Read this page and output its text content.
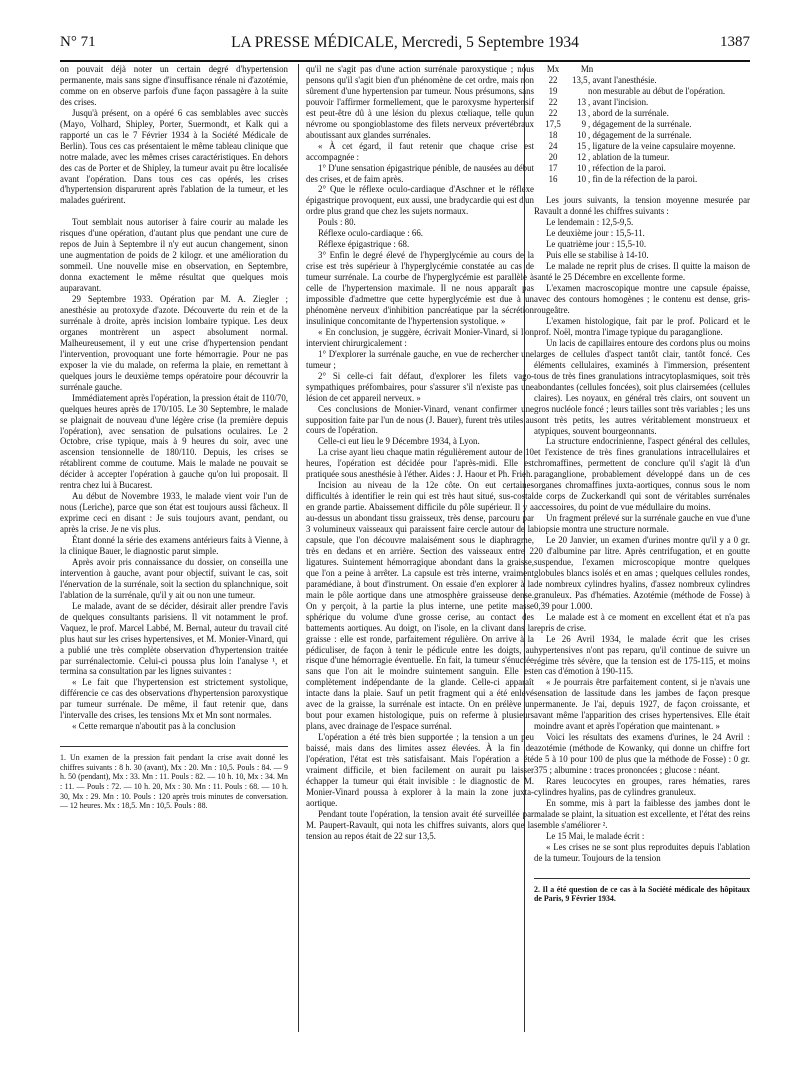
N° 71	LA PRESSE MÉDICALE, Mercredi, 5 Septembre 1934	1387

on pouvait déjà noter un certain degré d'hypertension permanente, mais sans signe d'insuffisance rénale ni d'azotémie, comme on en observe parfois d'une façon passagère à la suite des crises.

Jusqu'à présent, on a opéré 6 cas semblables avec succès (Mayo, Volhard, Shipley, Porter, Suermondt, et Kalk qui a rapporté un cas le 7 Février 1934 à la Société Médicale de Berlin). Tous ces cas présentaient le même tableau clinique que notre malade, avec les mêmes crises caractéristiques. En dehors des cas de Porter et de Shipley, la tumeur avait pu être localisée avant l'opération. Dans tous ces cas opérés, les crises d'hypertension disparurent après l'ablation de la tumeur, et les malades guérirent.

Tout semblait nous autoriser à faire courir au malade les risques d'une opération, d'autant plus que pendant une cure de repos de Juin à Septembre il n'y eut aucun changement, sinon une augmentation de poids de 2 kilogr. et une amélioration du sommeil. Une nouvelle mise en observation, en Septembre, donna exactement le même résultat que quelques mois auparavant.

29 Septembre 1933. Opération par M. A. Ziegler ; anesthésie au protoxyde d'azote. Découverte du rein et de la surrénale à droite, après incision lombaire typique. Les deux organes montrèrent un aspect absolument normal. Malheureusement, il y eut une crise d'hypertension pendant l'intervention, provoquant une forte hémorragie. Pour ne pas exposer la vie du malade, on referma la plaie, en remettant à quelques jours le deuxième temps opératoire pour découvrir la surrénale gauche.

Immédiatement après l'opération, la pression était de 110/70, quelques heures après de 170/105. Le 30 Septembre, le malade se plaignait de nouveau d'une légère crise (la première depuis l'opération), avec sensation de pulsations oculaires. Le 2 Octobre, crise typique, mais à 9 heures du soir, avec une ascension tensionnelle de 180/110. Depuis, les crises se rétablirent comme de coutume. Mais le malade ne pouvait se décider à accepter l'opération à gauche qu'on lui proposait. Il rentra chez lui à Bucarest.

Au début de Novembre 1933, le malade vient voir l'un de nous (Leriche), parce que son état est toujours aussi fâcheux. Il exprime ceci en disant : Je suis toujours avant, pendant, ou après la crise. Je ne vis plus.

Étant donné la série des examens antérieurs faits à Vienne, à la clinique Bauer, le diagnostic parut simple.

Après avoir pris connaissance du dossier, on conseilla une intervention à gauche, avant pour objectif, suivant le cas, soit l'énervation de la surrénale, soit la section du splanchnique, soit l'ablation de la surrénale, qu'il y ait ou non une tumeur.

Le malade, avant de se décider, désirait aller prendre l'avis de quelques consultants parisiens. Il vit notamment le prof. Vaquez, le prof. Marcel Labbé, M. Bernal, auteur du travail cité plus haut sur les crises hypertensives, et M. Monier-Vinard, qui a publié une très complète observation d'hypertension traitée par surrénalectomie. Celui-ci poussa plus loin l'analyse ¹, et termina sa consultation par les lignes suivantes :

« Le fait que l'hypertension est strictement systolique, différencie ce cas des observations d'hypertension paroxystique par tumeur surrénale. De même, il faut retenir que, dans l'intervalle des crises, les tensions Mx et Mn sont normales.

« Cette remarque n'aboutit pas à la conclusion

1. Un examen de la pression fait pendant la crise avait donné les chiffres suivants : 8 h. 30 (avant), Mx : 20. Mn : 10,5. Pouls : 84. — 9 h. 50 (pendant), Mx : 33. Mn : 11. Pouls : 82. — 10 h. 10, Mx : 34. Mn : 11. — Pouls : 72. — 10 h. 20, Mx : 30. Mn : 11. Pouls : 68. — 10 h. 30, Mx : 29. Mn : 10. Pouls : 120 après trois minutes de conversation. — 12 heures. Mx : 18,5. Mn : 10,5. Pouls : 88.

qu'il ne s'agit pas d'une action surrénale paroxystique ; nous pensons qu'il s'agit bien d'un phénomène de cet ordre, mais non sûrement d'une hypertension par tumeur. Nous présumons, sans pouvoir l'affirmer formellement, que le paroxysme hypertensif est peut-être dû à une lésion du plexus cœliaque, telle qu'un névrome ou spongioblastome des filets nerveux prévertébraux aboutissant aux glandes surrénales.

« À cet égard, il faut retenir que chaque crise est accompagnée :

1° D'une sensation épigastrique pénible, de nausées au début des crises, et de faim après.

2° Que le réflexe oculo-cardiaque d'Aschner et le réflexe épigastrique provoquent, eux aussi, une bradycardie qui est d'un ordre plus grand que chez les sujets normaux.

Pouls : 80.

Réflexe oculo-cardiaque : 66.

Réflexe épigastrique : 68.

3° Enfin le degré élevé de l'hyperglycémie au cours de la crise est très supérieur à l'hyperglycémie constatée au cas de tumeur surrénale. La courbe de l'hyperglycémie est parallèle à celle de l'hypertension maximale. Il ne nous apparaît pas impossible d'admettre que cette hyperglycémie est due à un phénomène nerveux d'inhibition pancréatique par la sécrétion insulinique concomitante de l'hypertension systolique. »

« En conclusion, je suggère, écrivait Monier-Vinard, si l'on intervient chirurgicalement :

1° D'explorer la surrénale gauche, en vue de rechercher une tumeur ;

2° Si celle-ci fait défaut, d'explorer les filets vago-sympathiques préfombaires, pour s'assurer s'il n'existe pas une lésion de cet appareil nerveux. »

Ces conclusions de Monier-Vinard, venant confirmer une supposition faite par l'un de nous (J. Bauer), furent très utiles au cours de l'opération.

Celle-ci eut lieu le 9 Décembre 1934, à Lyon.

La crise ayant lieu chaque matin régulièrement autour de 10 heures, l'opération est décidée pour l'après-midi. Elle est pratiquée sous anesthésie à l'éther. Aides : J. Haour et Ph. Frieh.

Incision au niveau de la 12e côte. On eut certaines difficultés à identifier le rein qui est très haut situé, sus-costal en grande partie. Abaissement difficile du pôle supérieur. Il y a au-dessus un abondant tissu graisseux, très dense, parcouru par 3 volumineux vaisseaux qui paraissent faire cercle autour de la capsule, que l'on découvre malaisément sous le diaphragme, très en dedans et en arrière. Section des vaisseaux entre 2 ligatures. Suintement hémorragique abondant dans la graisse, que l'on a peine à arrêter. La capsule est très interne, vraiment paramédiane, à bout d'instrument. On essaie d'en explorer à la main le pôle aortique dans une atmosphère graisseuse dense. On y perçoit, à la partie la plus interne, une petite masse sphérique du volume d'une grosse cerise, au contact des battements aortiques. Au doigt, on l'isole, en la clivant dans la graisse : elle est ronde, parfaitement régulière. On arrive à la pédiculiser, de façon à tenir le pédicule entre les doigts, au risque d'une hémorragie éventuelle. En fait, la tumeur s'énuclée sans que l'on ait le moindre suintement sanguin. Elle est complètement indépendante de la glande. Celle-ci apparaît intacte dans la plaie. Sauf un petit fragment qui a été enlevé avec de la graisse, la surrénale est intacte. On en prélève un bout pour examen histologique, puis on referme à plusieurs plans, avec drainage de l'espace surrénal.

L'opération a été très bien supportée ; la tension a un peu baissé, mais dans des limites assez élevées. À la fin de l'opération, l'état est très satisfaisant. Mais l'opération a été vraiment difficile, et bien facilement on aurait pu laisser échapper la tumeur qui était invisible : le diagnostic de M. Monier-Vinard poussa à explorer à la main la zone juxta-aortique.

Pendant toute l'opération, la tension avait été surveillée par M. Paupert-Ravault, qui nota les chiffres suivants, alors que la tension au repos était de 22 sur 13,5.

Mx	Mn
22	13,5 , avant l'anesthésie.
19	non mesurable au début de l'opération.
22	13 , avant l'incision.
22	13 , abord de la surrénale.
17,5	9 , dégagement de la surrénale.
18	10 , dégagement de la surrénale.
24	15 , ligature de la veine capsulaire moyenne.
20	12 , ablation de la tumeur.
17	10 , réfection de la paroi.
16	10 , fin de la réfection de la paroi.

Les jours suivants, la tension moyenne mesurée par Ravault a donné les chiffres suivants :

Le lendemain : 12,5-9,5.

Le deuxième jour : 15,5-11.

Le quatrième jour : 15,5-10.

Puis elle se stabilise à 14-10.

Le malade ne reprit plus de crises. Il quitte la maison de santé le 25 Décembre en excellente forme.

L'examen macroscopique montre une capsule épaisse, avec des contours homogènes ; le contenu est dense, gris-rougeâtre.

L'examen histologique, fait par le prof. Policard et le prof. Noël, montra l'image typique du paraganglione.

Un lacis de capillaires entoure des cordons plus ou moins larges de cellules d'aspect tantôt clair, tantôt foncé. Ces éléments cellulaires, examinés à l'immersion, présentent tous de très fines granulations intracytoplasmiques, soit très abondantes (cellules foncées), soit plus clairsemées (cellules claires). Les noyaux, en général très clairs, ont souvent un gros nucléole foncé ; leurs tailles sont très variables ; les uns sont très petits, les autres véritablement monstrueux et atypiques, souvent bourgeonnants.

La structure endocrinienne, l'aspect général des cellules, et l'existence de très fines granulations intracellulaires et chromaffines, permettent de conclure qu'il s'agit là d'un paraganglione, probablement développé dans un de ces organes chromaffines juxta-aortiques, connus sous le nom de corps de Zuckerkandl qui sont de véritables surrénales accessoires, du point de vue médullaire du moins.

Un fragment prélevé sur la surrénale gauche en vue d'une biopsie montra une structure normale.

Le 20 Janvier, un examen d'urines montre qu'il y a 0 gr. 20 d'albumine par litre. Après centrifugation, et en goutte suspendue, l'examen microscopique montre quelques globules blancs isolés et en amas ; quelques cellules rondes, de nombreux cylindres hyalins, d'assez nombreux cylindres granuleux. Pas d'hématies. Azotémie (méthode de Fosse) à 0,39 pour 1.000.

Le malade est à ce moment en excellent état et n'a pas repris de crise.

Le 26 Avril 1934, le malade écrit que les crises hypertensives n'ont pas reparu, qu'il continue de suivre un régime très sévère, que la tension est de 175-115, et moins en cas d'émotion à 190-115.

« Je pourrais être parfaitement content, si je n'avais une sensation de lassitude dans les jambes de façon presque permanente. Je l'ai, depuis 1927, de façon croissante, et avant même l'apparition des crises hypertensives. Elle était moindre avant et après l'opération que maintenant. »

Voici les résultats des examens d'urines, le 24 Avril : azotémie (méthode de Kowanky, qui donne un chiffre fort de 5 à 10 pour 100 de plus que la méthode de Fosse) : 0 gr. 375 ; albumine : traces prononcées ; glucose : néant.

Rares leucocytes en groupes, rares hématies, rares cylindres hyalins, pas de cylindres granuleux.

En somme, mis à part la faiblesse des jambes dont le malade se plaint, la situation est excellente, et l'état des reins semble s'améliorer ².

Le 15 Mai, le malade écrit :

« Les crises ne se sont plus reproduites depuis l'ablation de la tumeur. Toujours de la tension

2. Il a été question de ce cas à la Société médicale des hôpitaux de Paris, 9 Février 1934.
